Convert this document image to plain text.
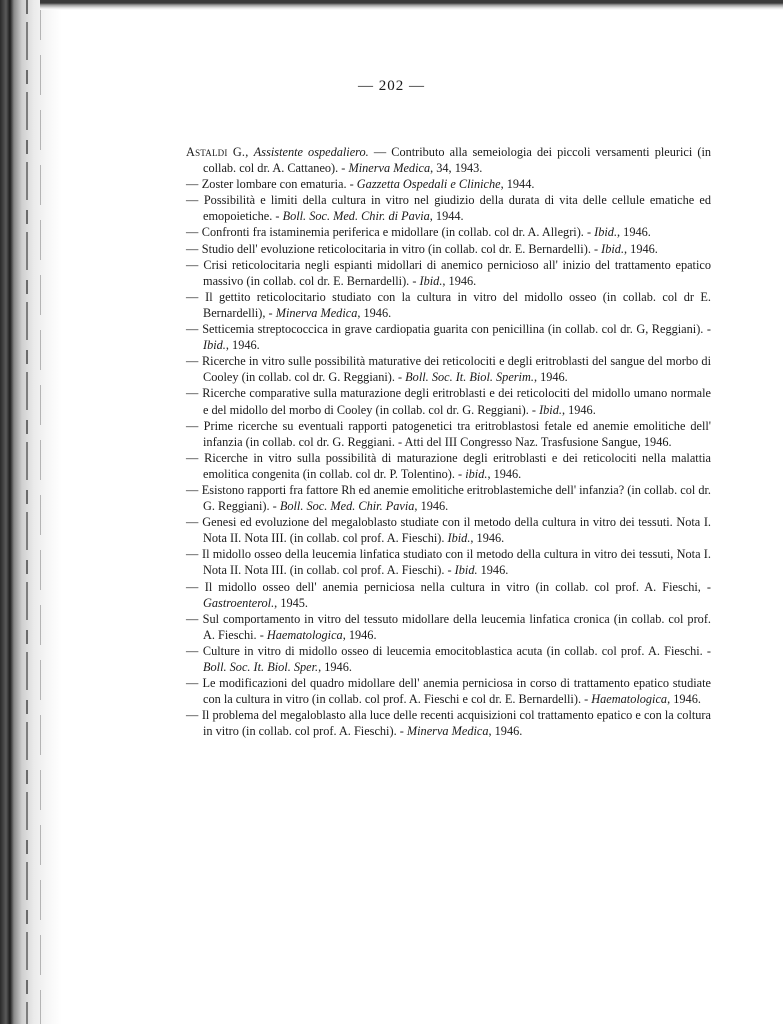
— 202 —
Astaldi G., Assistente ospedaliero. — Contributo alla semeiologia dei piccoli versamenti pleurici (in collab. col dr. A. Cattaneo). - Minerva Medica, 34, 1943.
— Zoster lombare con ematuria. - Gazzetta Ospedali e Cliniche, 1944.
— Possibilità e limiti della cultura in vitro nel giudizio della durata di vita delle cellule ematiche ed emopoietiche. - Boll. Soc. Med. Chir. di Pavia, 1944.
— Confronti fra istaminemia periferica e midollare (in collab. col dr. A. Allegri). - Ibid., 1946.
— Studio dell' evoluzione reticolocitaria in vitro (in collab. col dr. E. Bernardelli). - Ibid., 1946.
— Crisi reticolocitaria negli espianti midollari di anemico pernicioso all' inizio del trattamento epatico massivo (in collab. col dr. E. Bernardelli). - Ibid., 1946.
— Il gettito reticolocitario studiato con la cultura in vitro del midollo osseo (in collab. col dr E. Bernardelli), - Minerva Medica, 1946.
— Setticemia streptococcica in grave cardiopatia guarita con penicillina (in collab. col dr. G, Reggiani). - Ibid., 1946.
— Ricerche in vitro sulle possibilità maturative dei reticolociti e degli eritroblasti del sangue del morbo di Cooley (in collab. col dr. G. Reggiani). - Boll. Soc. It. Biol. Sperim., 1946.
— Ricerche comparative sulla maturazione degli eritroblasti e dei reticolociti del midollo umano normale e del midollo del morbo di Cooley (in collab. col dr. G. Reggiani). - Ibid., 1946.
— Prime ricerche su eventuali rapporti patogenetici tra eritroblastosi fetale ed anemie emolitiche dell' infanzia (in collab. col dr. G. Reggiani. - Atti del III Congresso Naz. Trasfusione Sangue, 1946.
— Ricerche in vitro sulla possibilità di maturazione degli eritroblasti e dei reticolociti nella malattia emolitica congenita (in collab. col dr. P. Tolentino). - ibid., 1946.
— Esistono rapporti fra fattore Rh ed anemie emolitiche eritroblastemiche dell' infanzia? (in collab. col dr. G. Reggiani). - Boll. Soc. Med. Chir. Pavia, 1946.
— Genesi ed evoluzione del megaloblasto studiate con il metodo della cultura in vitro dei tessuti. Nota I. Nota II. Nota III. (in collab. col prof. A. Fieschi). Ibid., 1946.
— Il midollo osseo della leucemia linfatica studiato con il metodo della cultura in vitro dei tessuti, Nota I. Nota II. Nota III. (in collab. col prof. A. Fieschi). - Ibid. 1946.
— Il midollo osseo dell' anemia perniciosa nella cultura in vitro (in collab. col prof. A. Fieschi, - Gastroenterol., 1945.
— Sul comportamento in vitro del tessuto midollare della leucemia linfatica cronica (in collab. col prof. A. Fieschi. - Haematologica, 1946.
— Culture in vitro di midollo osseo di leucemia emocitoblastica acuta (in collab. col prof. A. Fieschi. - Boll. Soc. It. Biol. Sper., 1946.
— Le modificazioni del quadro midollare dell' anemia perniciosa in corso di trattamento epatico studiate con la cultura in vitro (in collab. col prof. A. Fieschi e col dr. E. Bernardelli). - Haematologica, 1946.
— Il problema del megaloblasto alla luce delle recenti acquisizioni col trattamento epatico e con la coltura in vitro (in collab. col prof. A. Fieschi). - Minerva Medica, 1946.
